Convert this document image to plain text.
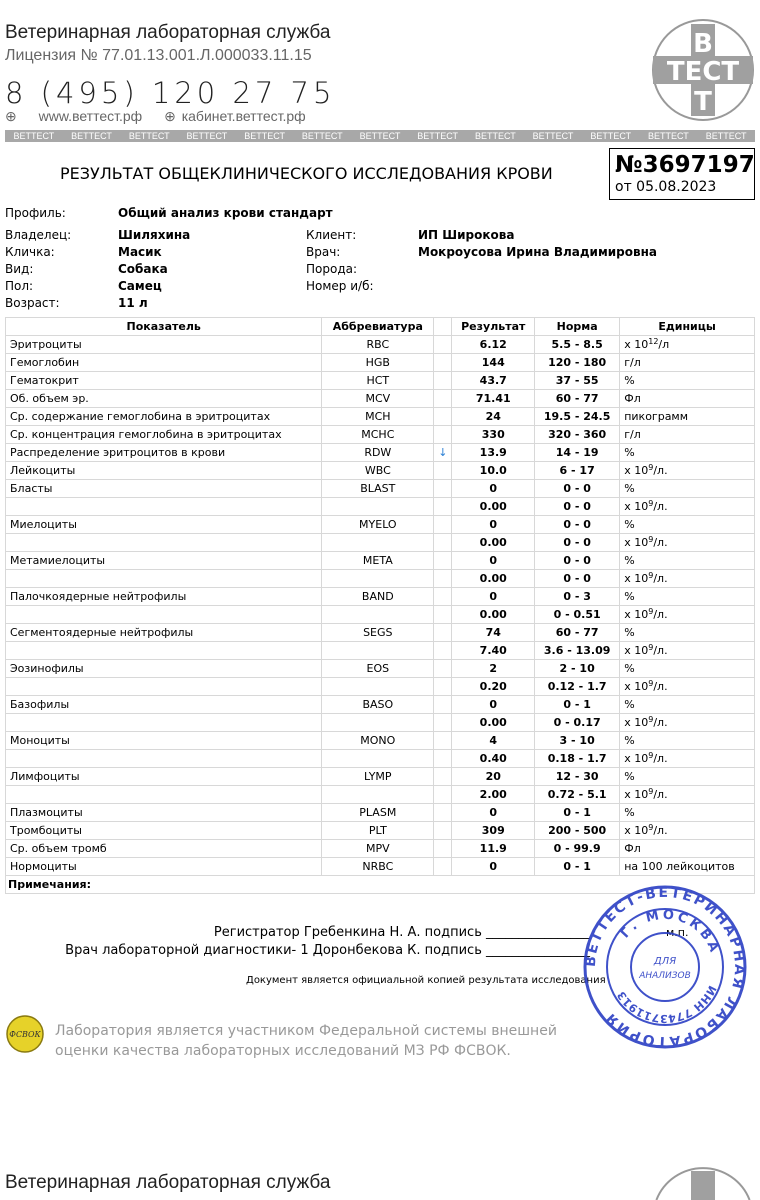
Ветеринарная лабораторная служба
Лицензия № 77.01.13.001.Л.000033.11.15
8 (495) 120 27 75
⊕ www.веттест.рф ⊕ кабинет.веттест.рф
ВЕТТЕСТ ВЕТТЕСТ ВЕТТЕСТ ВЕТТЕСТ ВЕТТЕСТ ВЕТТЕСТ ВЕТТЕСТ ВЕТТЕСТ ВЕТТЕСТ ВЕТТЕСТ ВЕТТЕСТ ВЕТТЕСТ ВЕТТЕСТ
В
ТЕСТ
Т
РЕЗУЛЬТАТ ОБЩЕКЛИНИЧЕСКОГО ИССЛЕДОВАНИЯ КРОВИ	№3697197
от 05.08.2023
Профиль:	Общий анализ крови стандарт
Владелец:	Шиляхина
Кличка:	Масик
Вид:	Собака
Пол:	Самец
Возраст:	11 л
Клиент:	ИП Широкова
Врач:	Мокроусова Ирина Владимировна
Порода:
Номер и/б:
Показатель	Аббревиатура		Результат	Норма	Единицы
Эритроциты	RBC		6.12	5.5 - 8.5	x $10^{12}/л$
Гемоглобин	HGB		144	120 - 180	г/л
Гематокрит	HCT		43.7	37 - 55	%
Об. объем эр.	MCV		71.41	60 - 77	Фл
Ср. содержание гемоглобина в эритроцитах	MCH		24	19.5 - 24.5	пикограмм
Ср. концентрация гемоглобина в эритроцитах	MCHC		330	320 - 360	г/л
Распределение эритроцитов в крови	RDW	↓	13.9	14 - 19	%
Лейкоциты	WBC		10.0	6 - 17	x $10^9/л$.
Бласты	BLAST		0	0 - 0	%
			0.00	0 - 0	x $10^9/л$.
Миелоциты	MYELO		0	0 - 0	%
			0.00	0 - 0	x $10^9/л$.
Метамиелоциты	META		0	0 - 0	%
			0.00	0 - 0	x $10^9/л$.
Палочкоядерные нейтрофилы	BAND		0	0 - 3	%
			0.00	0 - 0.51	x $10^9/л$.
Сегментоядерные нейтрофилы	SEGS		74	60 - 77	%
			7.40	3.6 - 13.09	x $10^9/л$.
Эозинофилы	EOS		2	2 - 10	%
			0.20	0.12 - 1.7	x $10^9/л$.
Базофилы	BASO		0	0 - 1	%
			0.00	0 - 0.17	x $10^9/л$.
Моноциты	MONO		4	3 - 10	%
			0.40	0.18 - 1.7	x $10^9/л$.
Лимфоциты	LYMP		20	12 - 30	%
			2.00	0.72 - 5.1	x $10^9/л$.
Плазмоциты	PLASM		0	0 - 1	%
Тромбоциты	PLT		309	200 - 500	x $10^9/л$.
Ср. объем тромб	MPV		11.9	0 - 99.9	Фл
Нормоциты	NRBC		0	0 - 1	на 100 лейкоцитов
Примечания:					
Регистратор Гребенкина Н. А. подпись ________________
Врач лабораторной диагностики- 1 Доронбекова К. подпись ________________
м.п.
Документ является официальной копией результата исследования
ВЕТТЕСТ-ВЕТЕРИНАРНАЯ ЛАБОРАТОРИЯ
Г. МОСКВА
ИНН 7743711913
ДЛЯ
АНАЛИЗОВ
ФСВОК Лаборатория является участником Федеральной системы внешней
оценки качества лабораторных исследований МЗ РФ ФСВОК.
Ветеринарная лабораторная служба
